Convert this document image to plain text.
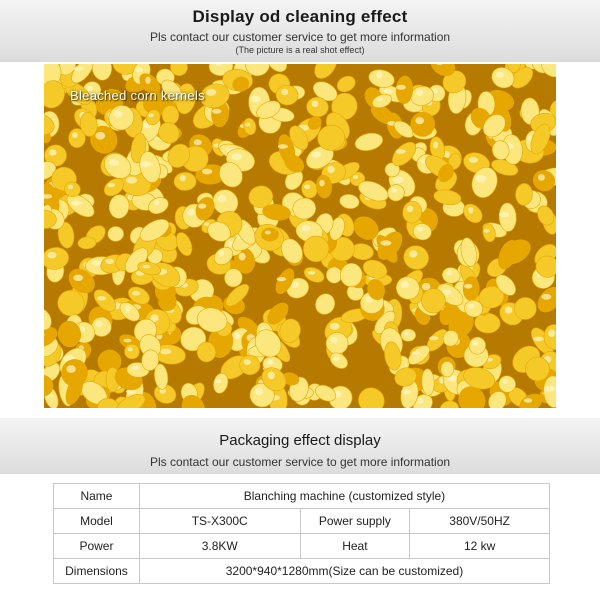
Display od cleaning effect
Pls contact our customer service to get more information
(The picture is a real shot effect)
Bleached corn kernels
Packaging effect display
Pls contact our customer service to get more information
Name	Blanching machine (customized style)		
Model	TS-X300C	Power supply	380V/50HZ
Power	3.8KW	Heat	12 kw
Dimensions	3200*940*1280mm(Size can be customized)		
